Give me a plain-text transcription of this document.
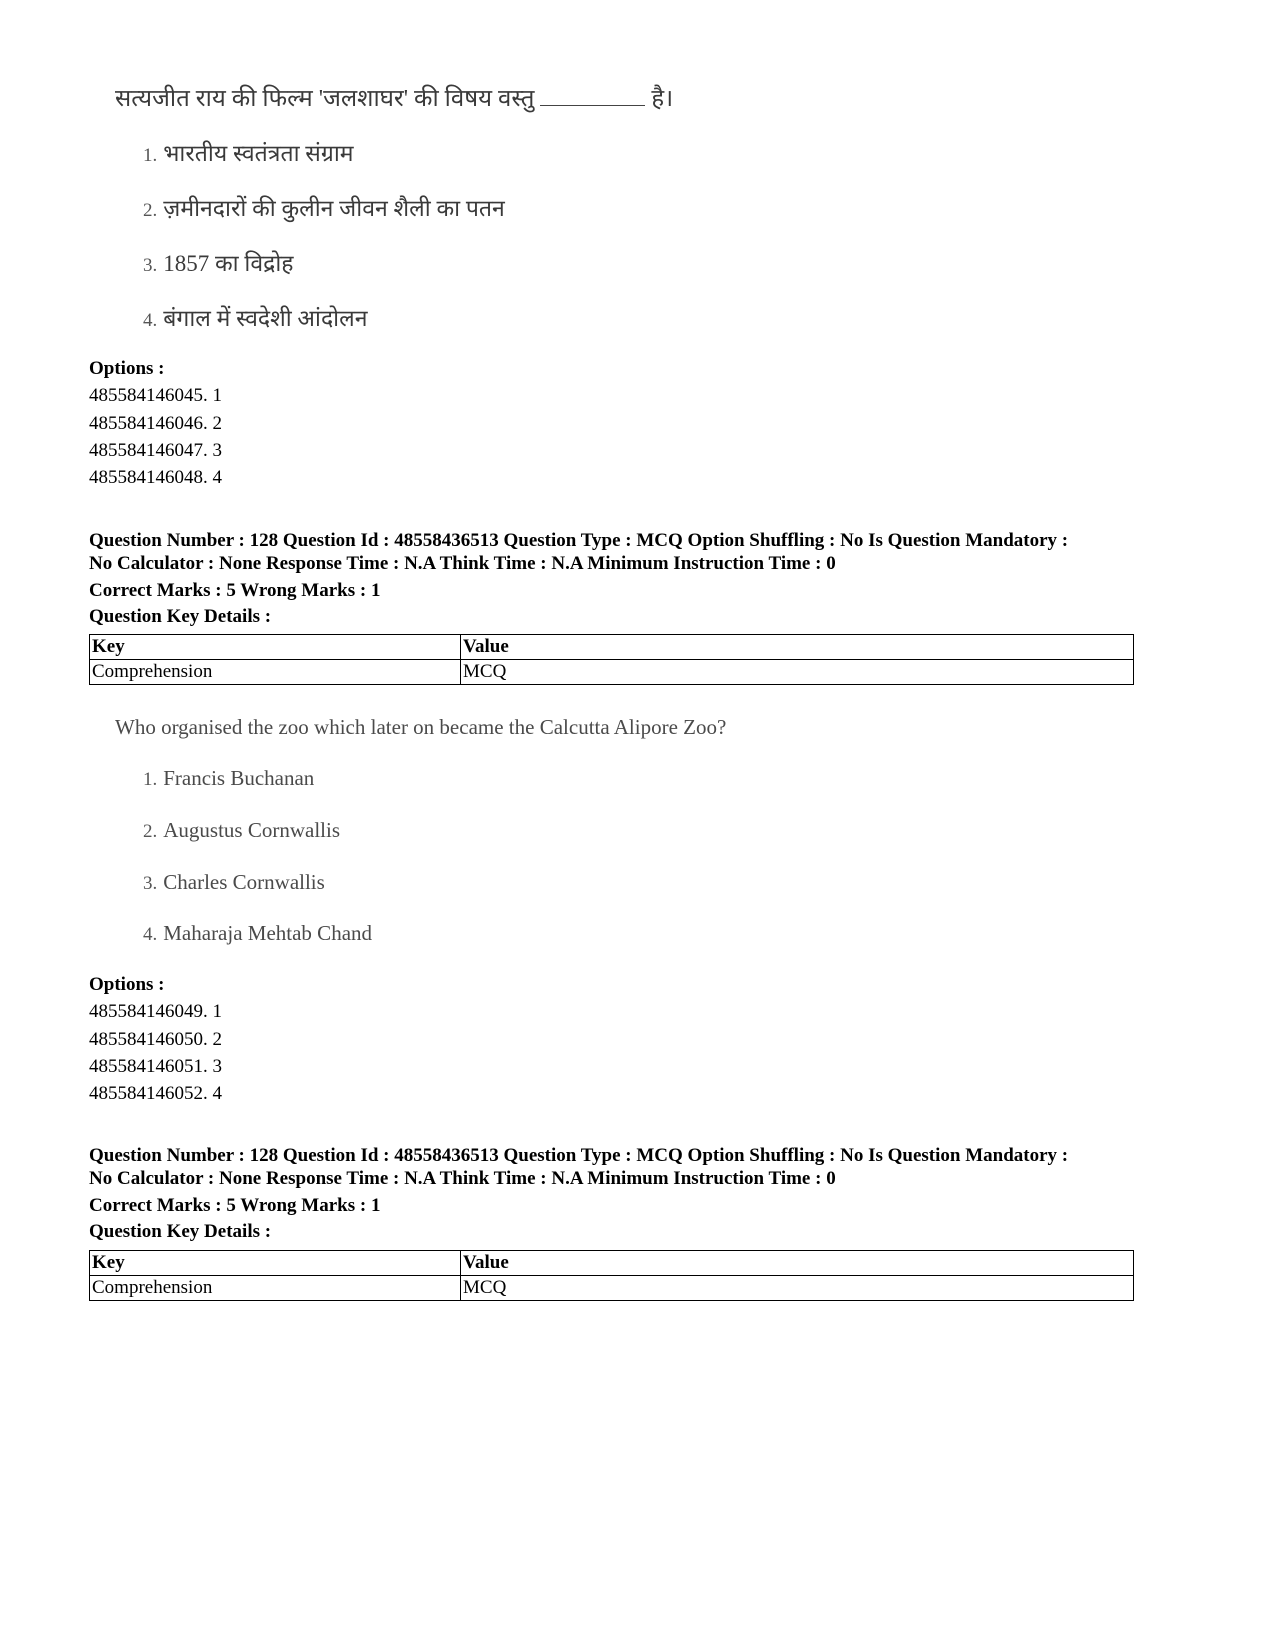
सत्यजीत राय की फिल्म 'जलशाघर' की विषय वस्तु	है।

1. भारतीय स्वतंत्रता संग्राम

2. ज़मीनदारों की कुलीन जीवन शैली का पतन

3. 1857 का विद्रोह

4. बंगाल में स्वदेशी आंदोलन

Options :

485584146045. 1

485584146046. 2

485584146047. 3

485584146048. 4

Question Number : 128 Question Id : 48558436513 Question Type : MCQ Option Shuffling : No Is Question Mandatory :

No Calculator : None Response Time : N.A Think Time : N.A Minimum Instruction Time : 0

Correct Marks : 5 Wrong Marks : 1

Question Key Details :

Key	Value
Comprehension	MCQ

Who organised the zoo which later on became the Calcutta Alipore Zoo?

1. Francis Buchanan

2. Augustus Cornwallis

3. Charles Cornwallis

4. Maharaja Mehtab Chand

Options :

485584146049. 1

485584146050. 2

485584146051. 3

485584146052. 4

Question Number : 128 Question Id : 48558436513 Question Type : MCQ Option Shuffling : No Is Question Mandatory :

No Calculator : None Response Time : N.A Think Time : N.A Minimum Instruction Time : 0

Correct Marks : 5 Wrong Marks : 1

Question Key Details :

Key	Value
Comprehension	MCQ
